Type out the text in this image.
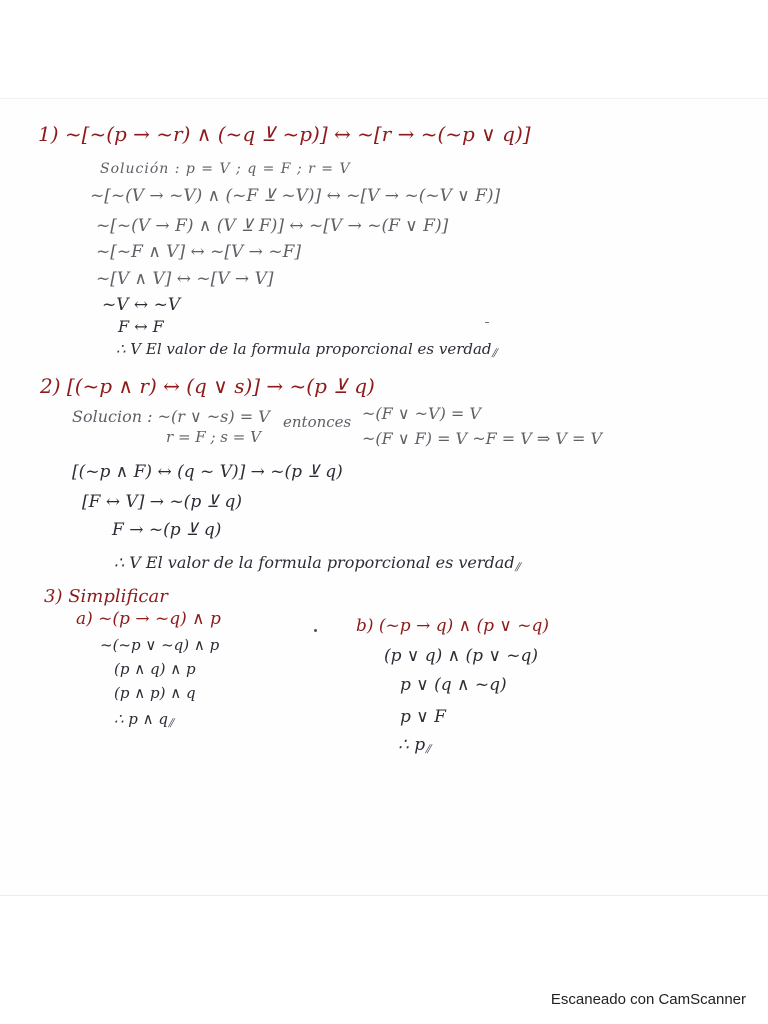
1) ~[~(p → ~r) ∧ (~q ⊻ ~p)] ↔ ~[r → ~(~p ∨ q)]
Solución : p = V ; q = F ; r = V
~[~(V → ~V) ∧ (~F ⊻ ~V)] ↔ ~[V → ~(~V ∨ F)]
~[~(V → F) ∧ (V ⊻ F)] ↔ ~[V → ~(F ∨ F)]
~[~F ∧ V] ↔ ~[V → ~F]
~[V ∧ V] ↔ ~[V → V]
~V ↔ ~V
F ↔ F
∴ V El valor de la formula proporcional es verdad$_⫽$
2) [(~p ∧ r) ↔ (q ∨ s)] → ~(p ⊻ q)
Solucion : ~(r ∨ ~s) = V entonces ~(F ∨ ~V) = V
r = F ; s = V	~(F ∨ F) = V ~F = V ⇒ V = V
[(~p ∧ F) ↔ (q ~ V)] → ~(p ⊻ q)
[F ↔ V] → ~(p ⊻ q)
F → ~(p ⊻ q)
∴ V El valor de la formula proporcional es verdad⫽
3) Simplificar
a) ~(p → ~q) ∧ p
~(~p ∨ ~q) ∧ p
(p ∧ q) ∧ p
(p ∧ p) ∧ q
∴ p ∧ $q_⫽$
b) (~p → q) ∧ (p ∨ ~q)
(p ∨ q) ∧ (p ∨ ~q)
p ∨ (q ∧ ~q)
p ∨ F
∴ p⫽
Escaneado con CamScanner
